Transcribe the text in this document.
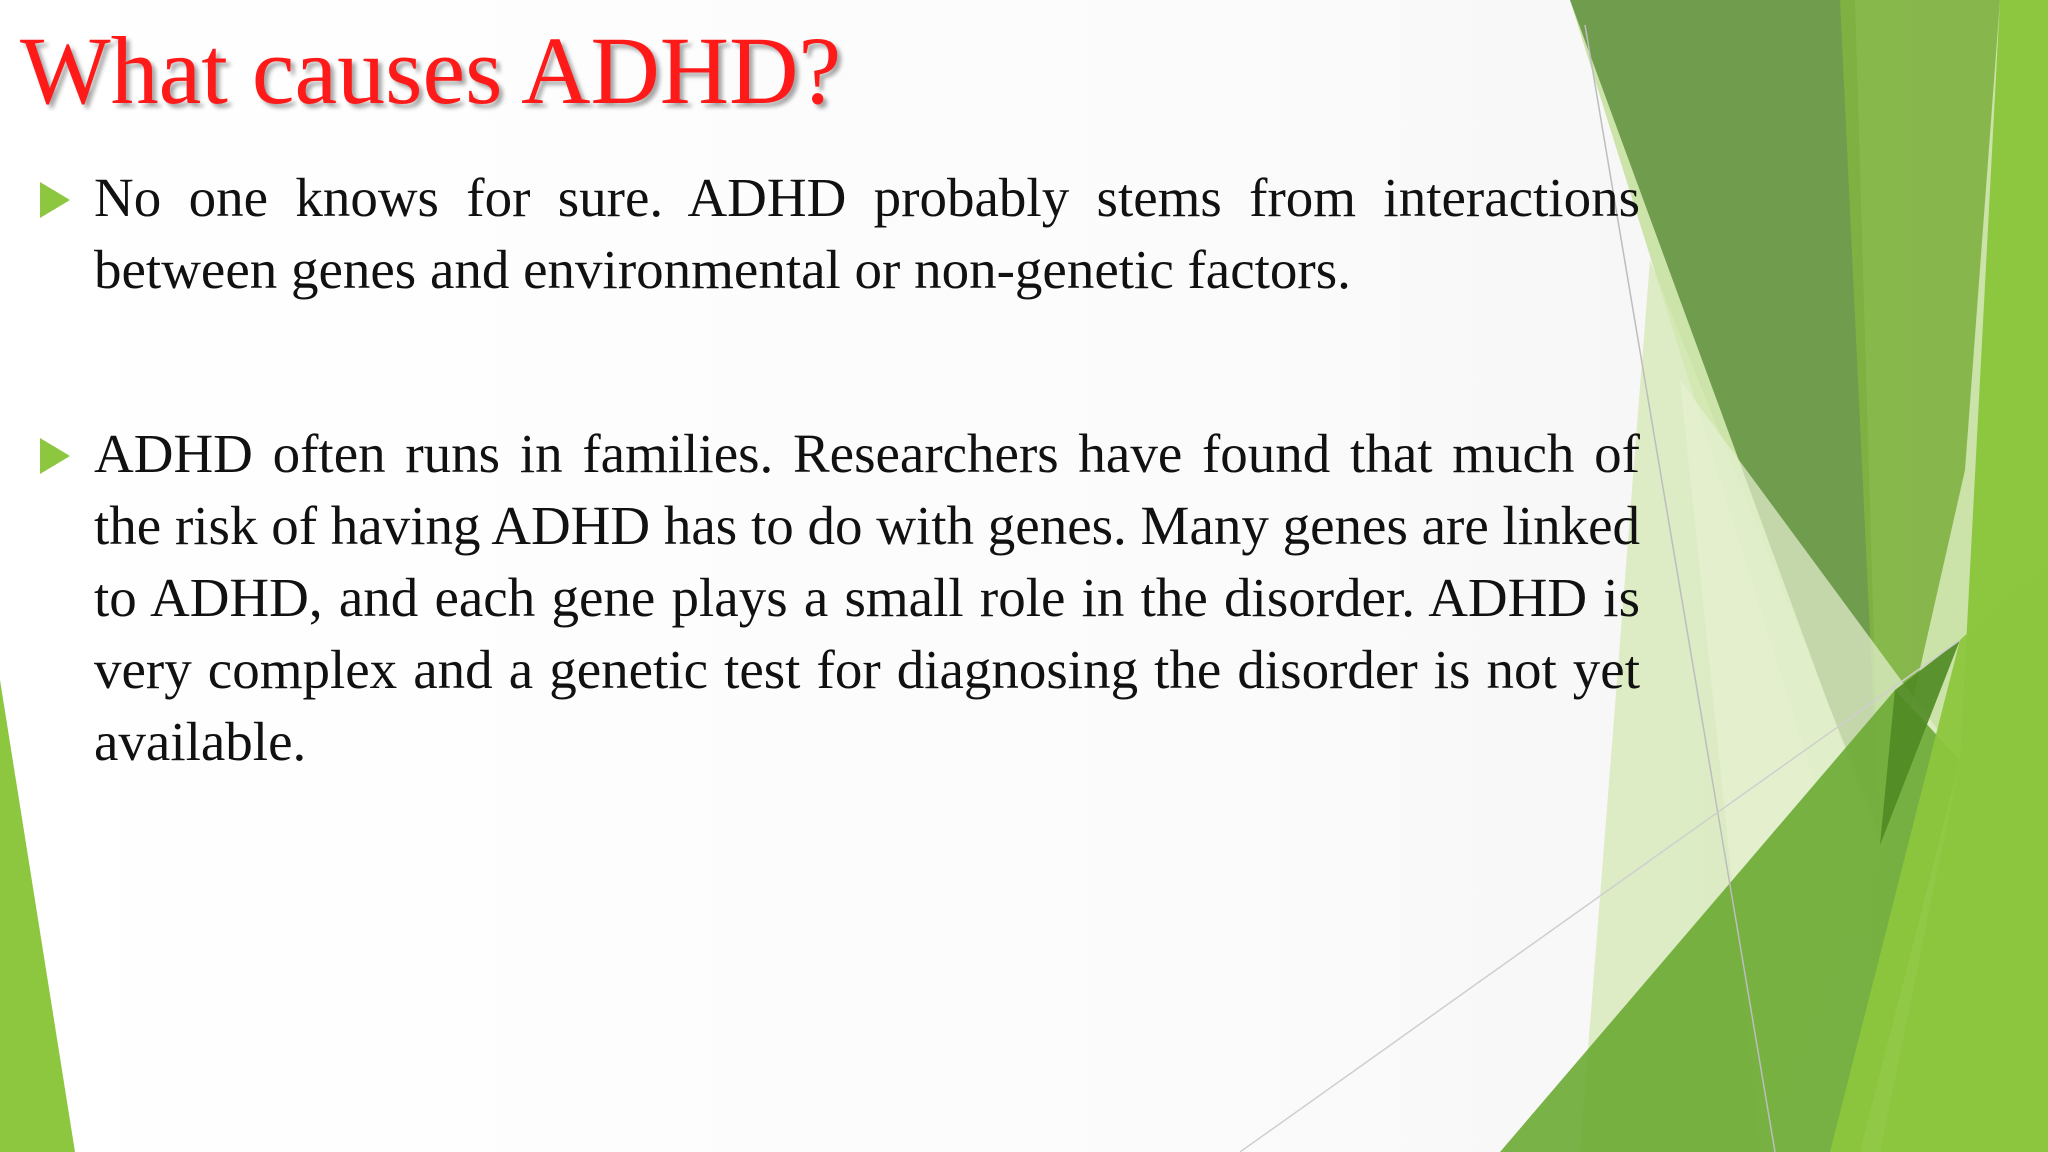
What causes ADHD?
No one knows for sure. ADHD probably stems from interactions between genes and environmental or non-genetic factors.
ADHD often runs in families. Researchers have found that much of the risk of having ADHD has to do with genes. Many genes are linked to ADHD, and each gene plays a small role in the disorder. ADHD is very complex and a genetic test for diagnosing the disorder is not yet available.
